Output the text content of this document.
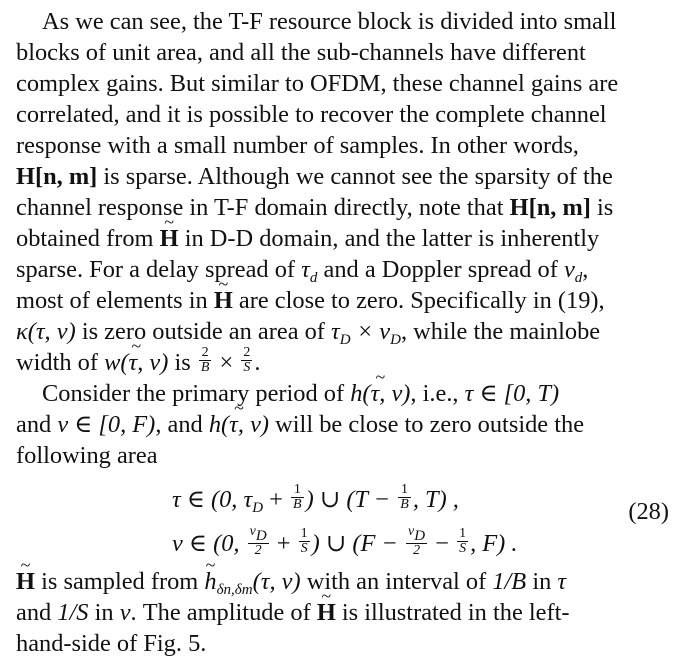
As we can see, the T-F resource block is divided into small
blocks of unit area, and all the sub-channels have different
complex gains. But similar to OFDM, these channel gains are
correlated, and it is possible to recover the complete channel
response with a small number of samples. In other words,
H[n, m] is sparse. Although we cannot see the sparsity of the
channel response in T-F domain directly, note that H[n, m] is
obtained from ~ H in D-D domain, and the latter is inherently
sparse. For a delay spread of $\tau_d$ and a Doppler spread of $\nu_d$,
most of elements in ~ H are close to zero. Specifically in (19),
κ(τ, ν) is zero outside an area of $\tau_D \times \nu_D$, while the mainlobe
width of ~ w(τ, ν) is $\frac{2}{B} \times \frac{2}{S}$ .
Consider the primary period of ~ h(τ, ν), i.e., τ ∈ [0, T)
and ν ∈ [0, F), and ~ h(τ, ν) will be close to zero outside the
following area
τ ∈ (0, $\tau_D + \frac{1}{B}$ ) ∪ ($T - \frac{1}{B}$ , T) ,
ν ∈ (0, $\frac{\nu D}{2} + \frac{1}{S}$ ) ∪ ($F - \frac{\nu D}{2} - \frac{1}{S}$ , F) .
(28)
~ H is sampled from ~ $h_{\delta n,\delta m}(\tau$, ν) with an interval of 1/B in τ
and 1/S in ν. The amplitude of ~ H is illustrated in the left-
hand-side of Fig. 5.
